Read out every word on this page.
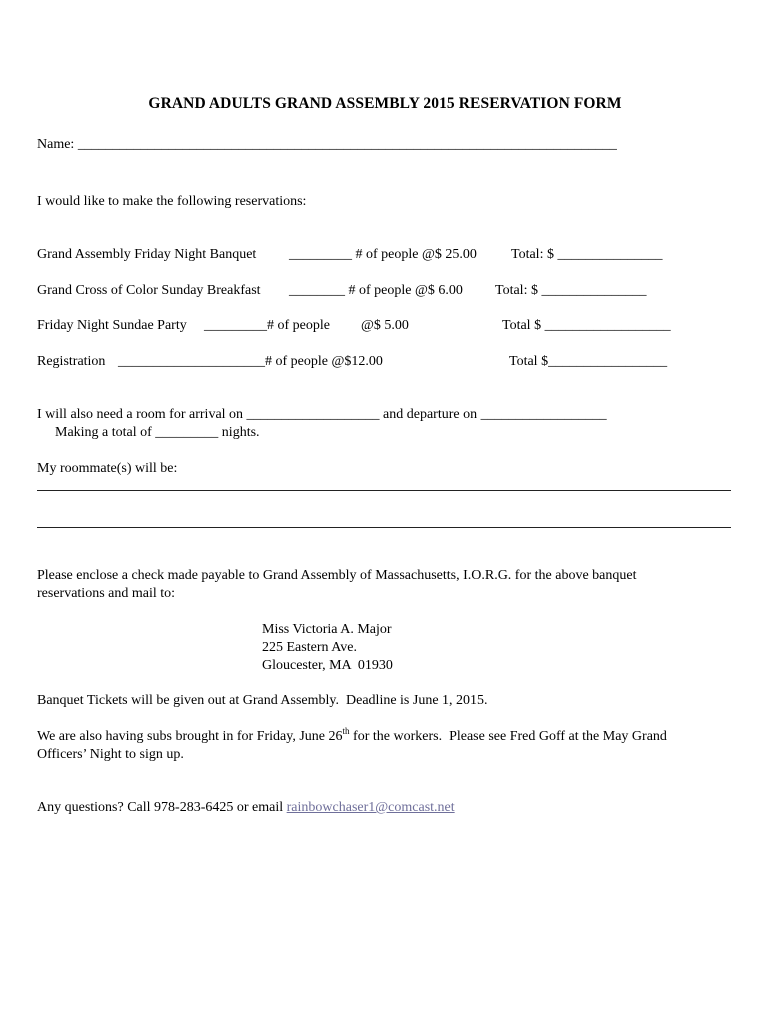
GRAND ADULTS GRAND ASSEMBLY 2015 RESERVATION FORM
Name: _____________________________________________________________________________
I would like to make the following reservations:
Grand Assembly Friday Night Banquet _________ # of people @$ 25.00 Total: $ _______________
Grand Cross of Color Sunday Breakfast ________ # of people @$ 6.00 Total: $ _______________
Friday Night Sundae Party _________# of people @$ 5.00	Total $ __________________
Registration _____________________# of people @$12.00	Total $_________________
I will also need a room for arrival on ___________________ and departure on __________________
Making a total of _________ nights.
My roommate(s) will be:
Please enclose a check made payable to Grand Assembly of Massachusetts, I.O.R.G. for the above banquet
reservations and mail to:
Miss Victoria A. Major
225 Eastern Ave.
Gloucester, MA  01930
Banquet Tickets will be given out at Grand Assembly.  Deadline is June 1, 2015.
We are also having subs brought in for Friday, June 26th for the workers.  Please see Fred Goff at the May Grand
Officers’ Night to sign up.
Any questions? Call 978-283-6425 or email rainbowchaser1@comcast.net
